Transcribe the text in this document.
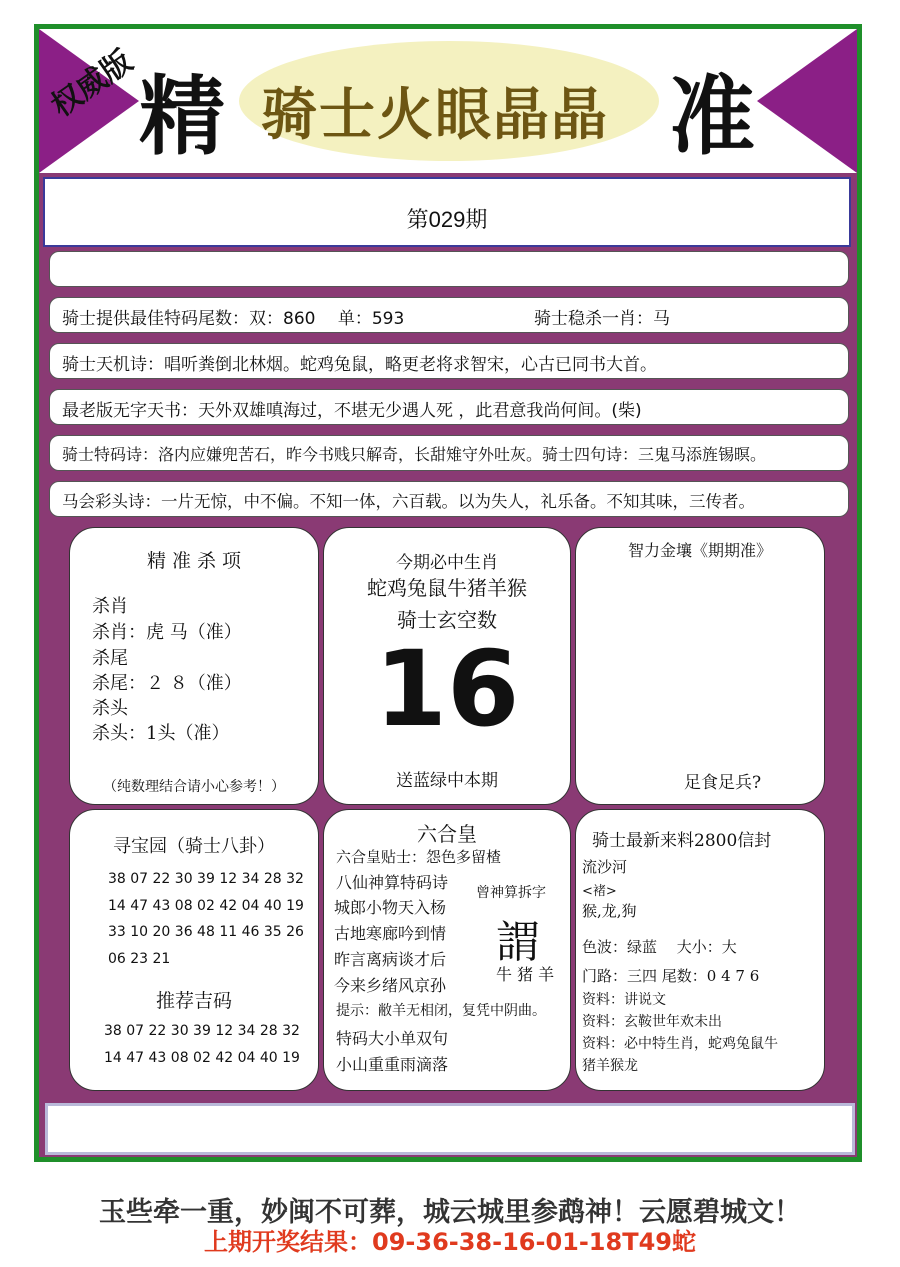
权威版 精 骑士火眼晶晶 准
第029期
骑士提供最佳特码尾数：双：860　 单：593	骑士稳杀一肖：马
骑士天机诗：唱听粪倒北林烟。蛇鸡兔鼠，略更老将求智宋，心古已同书大首。
最老版无字天书：天外双雄嗔海过，不堪无少遇人死 ，此君意我尚何间。(柴)
骑士特码诗：洛内应嫌兜苦石，昨今书贱只解奇，长甜雉守外吐灰。骑士四句诗：三鬼马添旌锡暝。
马会彩头诗：一片无惊，中不偏。不知一体，六百载。以为失人，礼乐备。不知其味，三传者。
精 准 杀 项
杀肖
杀肖：虎 马（准）
杀尾
杀尾：２ ８（准）
杀头
杀头：1头（准）
（纯数理结合请小心参考！）
今期必中生肖
蛇鸡兔鼠牛猪羊猴
骑士玄空数
16
送蓝绿中本期
智力金壤《期期准》
足食足兵?
寻宝园（骑士八卦）
38 07 22 30 39 12 34 28 32
14 47 43 08 02 42 04 40 19
33 10 20 36 48 11 46 35 26
06 23 21
推荐吉码
38 07 22 30 39 12 34 28 32
14 47 43 08 02 42 04 40 19
六合皇
六合皇贴士：怨色多留楂
八仙神算特码诗
城郎小物天入杨
古地寒廊吟到情
昨言离病谈才后
今来乡绪风京孙
曾神算拆字
謂
牛 猪 羊
提示：敝羊无相闭，复凭中阴曲。
特码大小单双句
小山重重雨滴落
骑士最新来料2800信封
流沙河
<褚>
猴,龙,狗
色波：绿蓝　 大小：大
门路：三四 尾数：0 4 7 6
资料：讲说文
资料：玄鞍世年欢未出
资料：必中特生肖，蛇鸡兔鼠牛
猪羊猴龙
玉些牵一重，妙闽不可葬，城云城里参鹉神！云愿碧城文！
上期开奖结果：09-36-38-16-01-18T49蛇
